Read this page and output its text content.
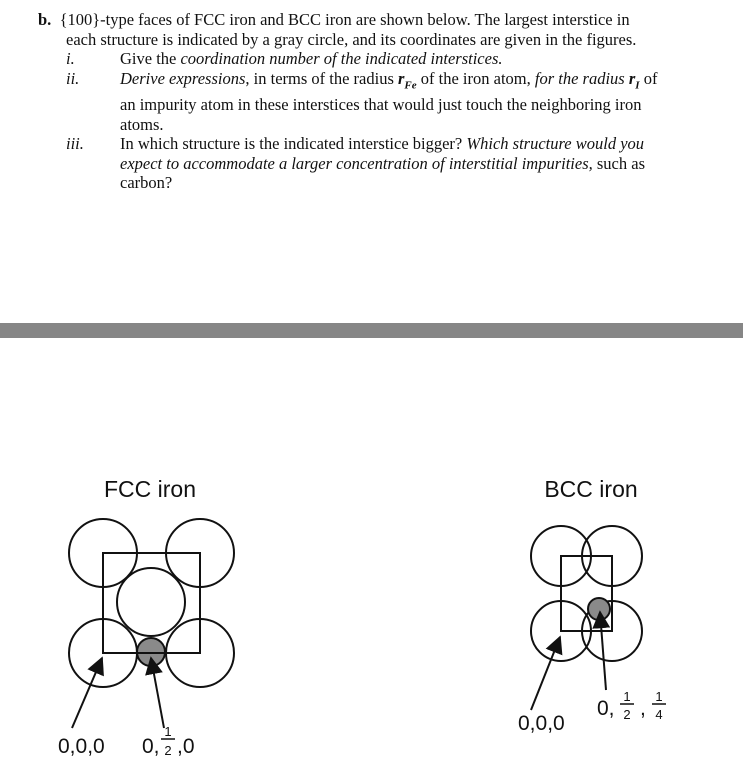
b. {100}-type faces of FCC iron and BCC iron are shown below. The largest interstice in
each structure is indicated by a gray circle, and its coordinates are given in the figures.
i.	Give the coordination number of the indicated interstices.
ii. Derive expressions, in terms of the radius $r_{Fe}$ of the iron atom, for the radius $r_I$ of
an impurity atom in these interstices that would just touch the neighboring iron
atoms.
iii. In which structure is the indicated interstice bigger? Which structure would you
expect to accommodate a larger concentration of interstitial impurities, such as
carbon?
FCC iron
0,0,0 0,
1
2 ,0
BCC iron
0,0,0
0,
1
2 ,
1
4
